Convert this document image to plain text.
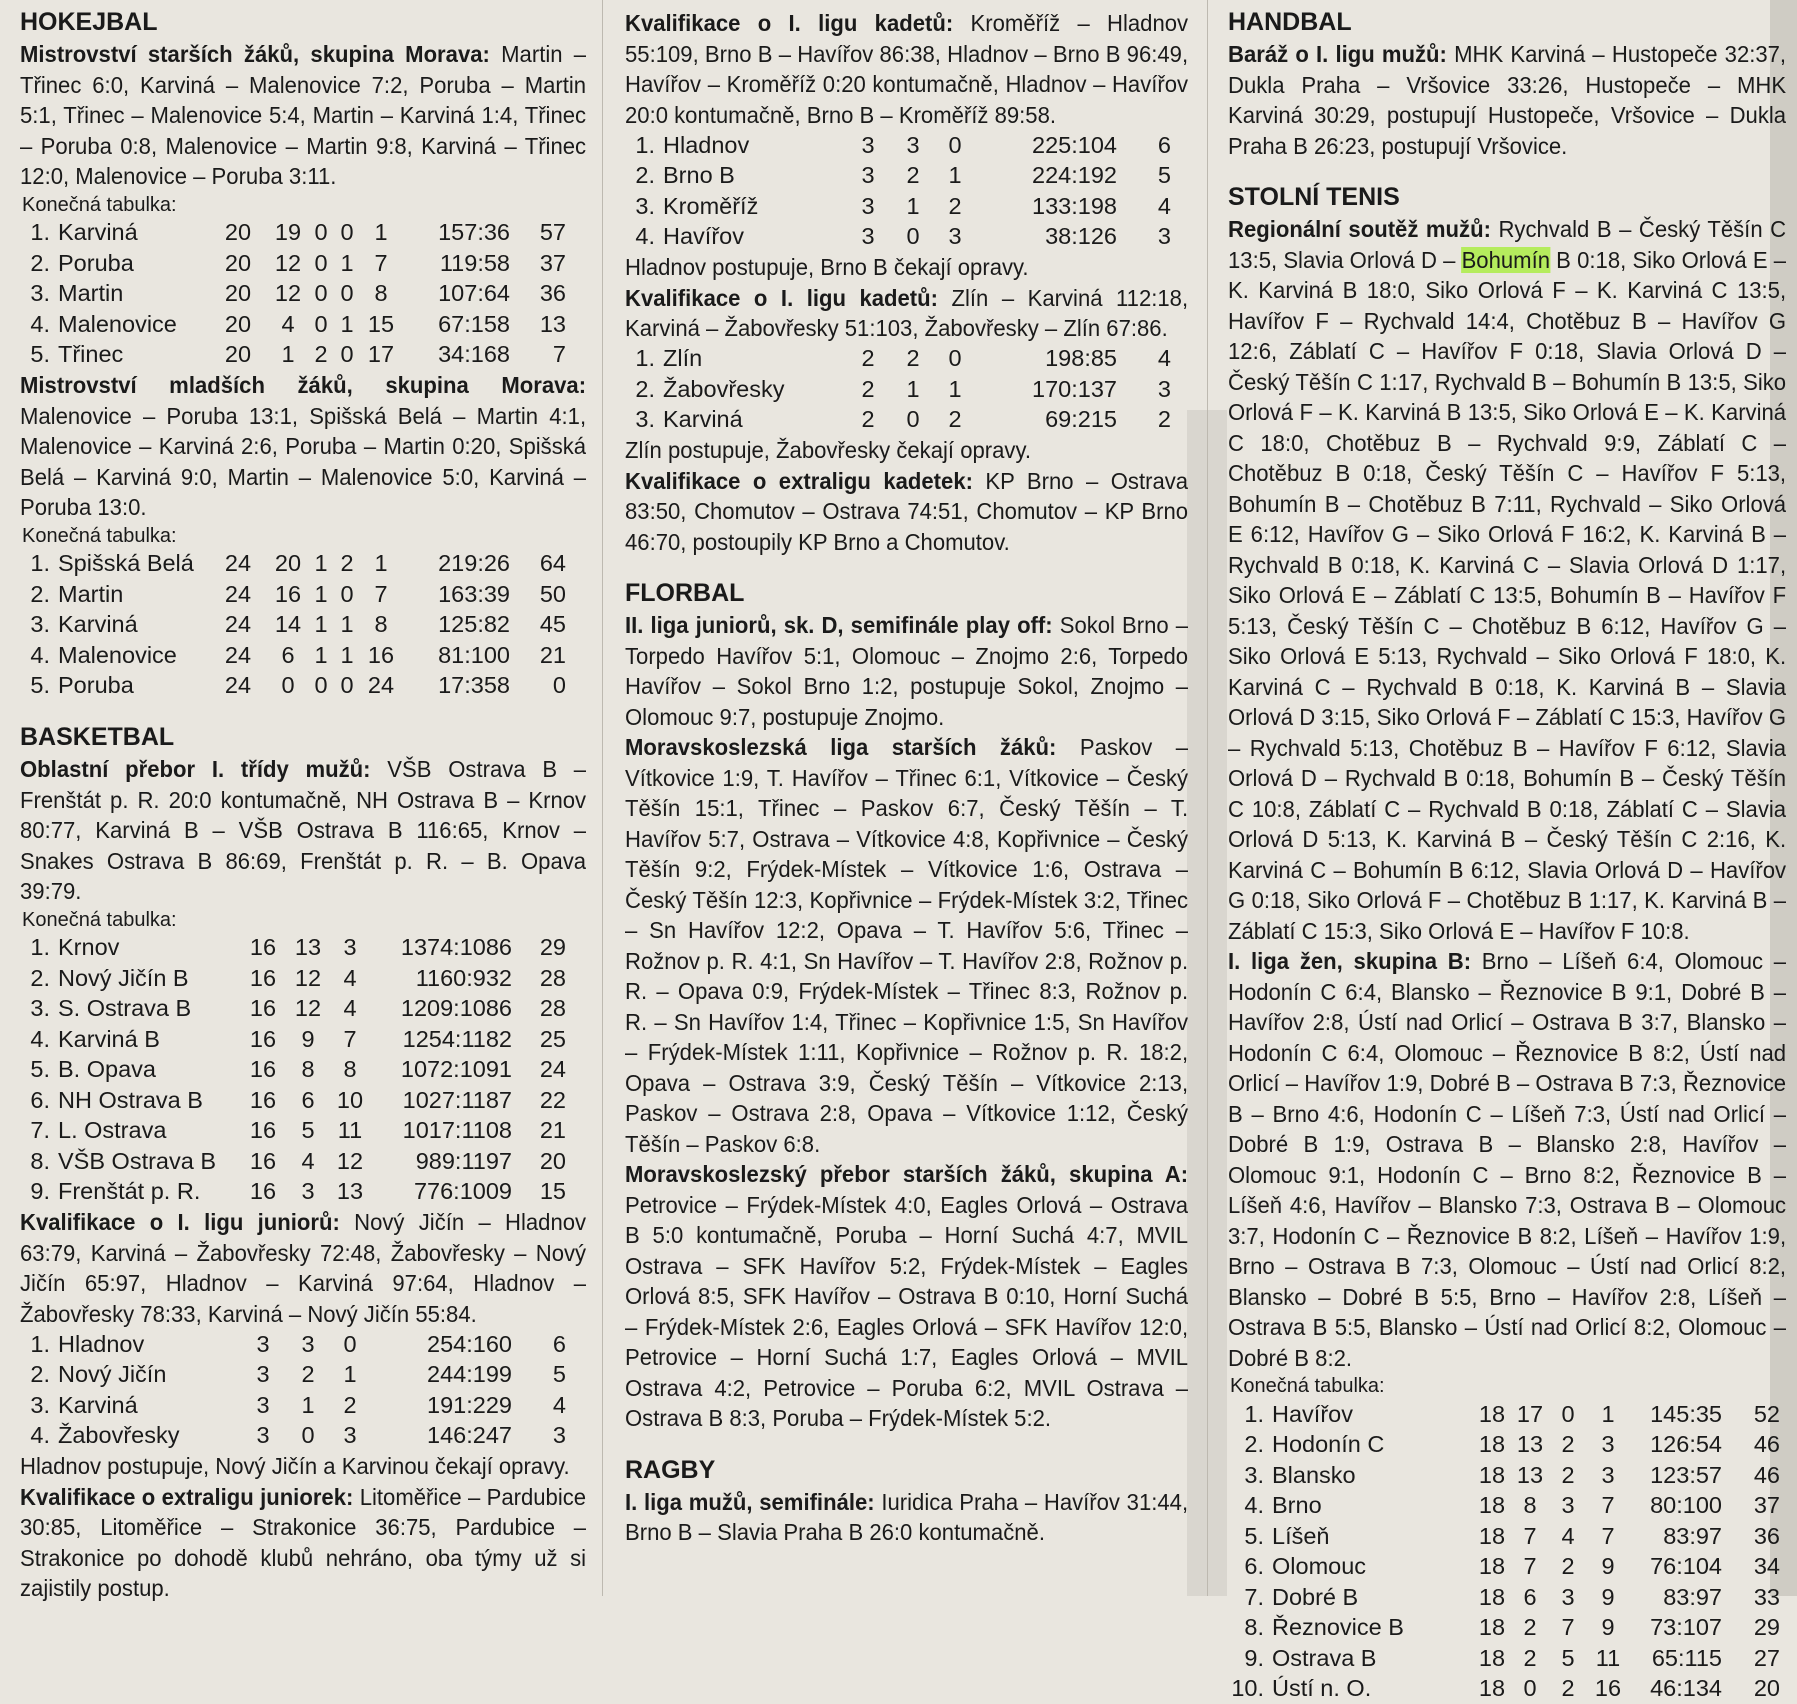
HOKEJBAL

Mistrovství starších žáků, skupina Morava: Martin – Třinec 6:0, Karviná – Malenovice 7:2, Poruba – Martin 5:1, Třinec – Malenovice 5:4, Martin – Karviná 1:4, Třinec – Poruba 0:8, Malenovice – Martin 9:8, Karviná – Třinec 12:0, Malenovice – Poruba 3:11.

Konečná tabulka:
1.	Karviná	20	19	0	0	1	157:36	57
2.	Poruba	20	12	0	1	7	119:58	37
3.	Martin	20	12	0	0	8	107:64	36
4.	Malenovice	20	4	0	1	15	67:158	13
5.	Třinec	20	1	2	0	17	34:168	7

Mistrovství mladších žáků, skupina Morava: Malenovice – Poruba 13:1, Spišská Belá – Martin 4:1, Malenovice – Karviná 2:6, Poruba – Martin 0:20, Spišská Belá – Karviná 9:0, Martin – Malenovice 5:0, Karviná – Poruba 13:0.

Konečná tabulka:
1.	Spišská Belá	24	20	1	2	1	219:26	64
2.	Martin	24	16	1	0	7	163:39	50
3.	Karviná	24	14	1	1	8	125:82	45
4.	Malenovice	24	6	1	1	16	81:100	21
5.	Poruba	24	0	0	0	24	17:358	0
BASKETBAL

Oblastní přebor I. třídy mužů: VŠB Ostrava B – Frenštát p. R. 20:0 kontumačně, NH Ostrava B – Krnov 80:77, Karviná B – VŠB Ostrava B 116:65, Krnov – Snakes Ostrava B 86:69, Frenštát p. R. – B. Opava 39:79.

Konečná tabulka:
1.	Krnov	16	13	3	1374:1086	29
2.	Nový Jičín B	16	12	4	1160:932	28
3.	S. Ostrava B	16	12	4	1209:1086	28
4.	Karviná B	16	9	7	1254:1182	25
5.	B. Opava	16	8	8	1072:1091	24
6.	NH Ostrava B	16	6	10	1027:1187	22
7.	L. Ostrava	16	5	11	1017:1108	21
8.	VŠB Ostrava B	16	4	12	989:1197	20
9.	Frenštát p. R.	16	3	13	776:1009	15

Kvalifikace o I. ligu juniorů: Nový Jičín – Hladnov 63:79, Karviná – Žabovřesky 72:48, Žabovřesky – Nový Jičín 65:97, Hladnov – Karviná 97:64, Hladnov – Žabovřesky 78:33, Karviná – Nový Jičín 55:84.

1.	Hladnov	3	3	0	254:160	6
2.	Nový Jičín	3	2	1	244:199	5
3.	Karviná	3	1	2	191:229	4
4.	Žabovřesky	3	0	3	146:247	3

Hladnov postupuje, Nový Jičín a Karvinou čekají opravy.

Kvalifikace o extraligu juniorek: Litoměřice – Pardubice 30:85, Litoměřice – Strakonice 36:75, Pardubice – Strakonice po dohodě klubů nehráno, oba týmy už si zajistily postup.

Kvalifikace o I. ligu kadetů: Kroměříž – Hladnov 55:109, Brno B – Havířov 86:38, Hladnov – Brno B 96:49, Havířov – Kroměříž 0:20 kontumačně, Hladnov – Havířov 20:0 kontumačně, Brno B – Kroměříž 89:58.

1.	Hladnov	3	3	0	225:104	6
2.	Brno B	3	2	1	224:192	5
3.	Kroměříž	3	1	2	133:198	4
4.	Havířov	3	0	3	38:126	3

Hladnov postupuje, Brno B čekají opravy.

Kvalifikace o I. ligu kadetů: Zlín – Karviná 112:18, Karviná – Žabovřesky 51:103, Žabovřesky – Zlín 67:86.

1.	Zlín	2	2	0	198:85	4
2.	Žabovřesky	2	1	1	170:137	3
3.	Karviná	2	0	2	69:215	2

Zlín postupuje, Žabovřesky čekají opravy.

Kvalifikace o extraligu kadetek: KP Brno – Ostrava 83:50, Chomutov – Ostrava 74:51, Chomutov – KP Brno 46:70, postoupily KP Brno a Chomutov.

FLORBAL

II. liga juniorů, sk. D, semifinále play off: Sokol Brno – Torpedo Havířov 5:1, Olomouc – Znojmo 2:6, Torpedo Havířov – Sokol Brno 1:2, postupuje Sokol, Znojmo – Olomouc 9:7, postupuje Znojmo.

Moravskoslezská liga starších žáků: Paskov – Vítkovice 1:9, T. Havířov – Třinec 6:1, Vítkovice – Český Těšín 15:1, Třinec – Paskov 6:7, Český Těšín – T. Havířov 5:7, Ostrava – Vítkovice 4:8, Kopřivnice – Český Těšín 9:2, Frýdek-Místek – Vítkovice 1:6, Ostrava – Český Těšín 12:3, Kopřivnice – Frýdek-Místek 3:2, Třinec – Sn Havířov 12:2, Opava – T. Havířov 5:6, Třinec – Rožnov p. R. 4:1, Sn Havířov – T. Havířov 2:8, Rožnov p. R. – Opava 0:9, Frýdek-Místek – Třinec 8:3, Rožnov p. R. – Sn Havířov 1:4, Třinec – Kopřivnice 1:5, Sn Havířov – Frýdek-Místek 1:11, Kopřivnice – Rožnov p. R. 18:2, Opava – Ostrava 3:9, Český Těšín – Vítkovice 2:13, Paskov – Ostrava 2:8, Opava – Vítkovice 1:12, Český Těšín – Paskov 6:8.

Moravskoslezský přebor starších žáků, skupina A: Petrovice – Frýdek-Místek 4:0, Eagles Orlová – Ostrava B 5:0 kontumačně, Poruba – Horní Suchá 4:7, MVIL Ostrava – SFK Havířov 5:2, Frýdek-Místek – Eagles Orlová 8:5, SFK Havířov – Ostrava B 0:10, Horní Suchá – Frýdek-Místek 2:6, Eagles Orlová – SFK Havířov 12:0, Petrovice – Horní Suchá 1:7, Eagles Orlová – MVIL Ostrava 4:2, Petrovice – Poruba 6:2, MVIL Ostrava – Ostrava B 8:3, Poruba – Frýdek-Místek 5:2.

RAGBY

I. liga mužů, semifinále: Iuridica Praha – Havířov 31:44, Brno B – Slavia Praha B 26:0 kontumačně.

HANDBAL

Baráž o I. ligu mužů: MHK Karviná – Hustopeče 32:37, Dukla Praha – Vršovice 33:26, Hustopeče – MHK Karviná 30:29, postupují Hustopeče, Vršovice – Dukla Praha B 26:23, postupují Vršovice.

STOLNÍ TENIS

Regionální soutěž mužů: Rychvald B – Český Těšín C 13:5, Slavia Orlová D – Bohumín B 0:18, Siko Orlová E – K. Karviná B 18:0, Siko Orlová F – K. Karviná C 13:5, Havířov F – Rychvald 14:4, Chotěbuz B – Havířov G 12:6, Záblatí C – Havířov F 0:18, Slavia Orlová D – Český Těšín C 1:17, Rychvald B – Bohumín B 13:5, Siko Orlová F – K. Karviná B 13:5, Siko Orlová E – K. Karviná C 18:0, Chotěbuz B – Rychvald 9:9, Záblatí C – Chotěbuz B 0:18, Český Těšín C – Havířov F 5:13, Bohumín B – Chotěbuz B 7:11, Rychvald – Siko Orlová E 6:12, Havířov G – Siko Orlová F 16:2, K. Karviná B – Rychvald B 0:18, K. Karviná C – Slavia Orlová D 1:17, Siko Orlová E – Záblatí C 13:5, Bohumín B – Havířov F 5:13, Český Těšín C – Chotěbuz B 6:12, Havířov G – Siko Orlová E 5:13, Rychvald – Siko Orlová F 18:0, K. Karviná C – Rychvald B 0:18, K. Karviná B – Slavia Orlová D 3:15, Siko Orlová F – Záblatí C 15:3, Havířov G – Rychvald 5:13, Chotěbuz B – Havířov F 6:12, Slavia Orlová D – Rychvald B 0:18, Bohumín B – Český Těšín C 10:8, Záblatí C – Rychvald B 0:18, Záblatí C – Slavia Orlová D 5:13, K. Karviná B – Český Těšín C 2:16, K. Karviná C – Bohumín B 6:12, Slavia Orlová D – Havířov G 0:18, Siko Orlová F – Chotěbuz B 1:17, K. Karviná B – Záblatí C 15:3, Siko Orlová E – Havířov F 10:8.

I. liga žen, skupina B: Brno – Líšeň 6:4, Olomouc – Hodonín C 6:4, Blansko – Řeznovice B 9:1, Dobré B – Havířov 2:8, Ústí nad Orlicí – Ostrava B 3:7, Blansko – Hodonín C 6:4, Olomouc – Řeznovice B 8:2, Ústí nad Orlicí – Havířov 1:9, Dobré B – Ostrava B 7:3, Řeznovice B – Brno 4:6, Hodonín C – Líšeň 7:3, Ústí nad Orlicí – Dobré B 1:9, Ostrava B – Blansko 2:8, Havířov – Olomouc 9:1, Hodonín C – Brno 8:2, Řeznovice B – Líšeň 4:6, Havířov – Blansko 7:3, Ostrava B – Olomouc 3:7, Hodonín C – Řeznovice B 8:2, Líšeň – Havířov 1:9, Brno – Ostrava B 7:3, Olomouc – Ústí nad Orlicí 8:2, Blansko – Dobré B 5:5, Brno – Havířov 2:8, Líšeň – Ostrava B 5:5, Blansko – Ústí nad Orlicí 8:2, Olomouc – Dobré B 8:2.

Konečná tabulka:
1.	Havířov	18	17	0	1	145:35	52
2.	Hodonín C	18	13	2	3	126:54	46
3.	Blansko	18	13	2	3	123:57	46
4.	Brno	18	8	3	7	80:100	37
5.	Líšeň	18	7	4	7	83:97	36
6.	Olomouc	18	7	2	9	76:104	34
7.	Dobré B	18	6	3	9	83:97	33
8.	Řeznovice B	18	2	7	9	73:107	29
9.	Ostrava B	18	2	5	11	65:115	27
10.	Ústí n. O.	18	0	2	16	46:134	20
